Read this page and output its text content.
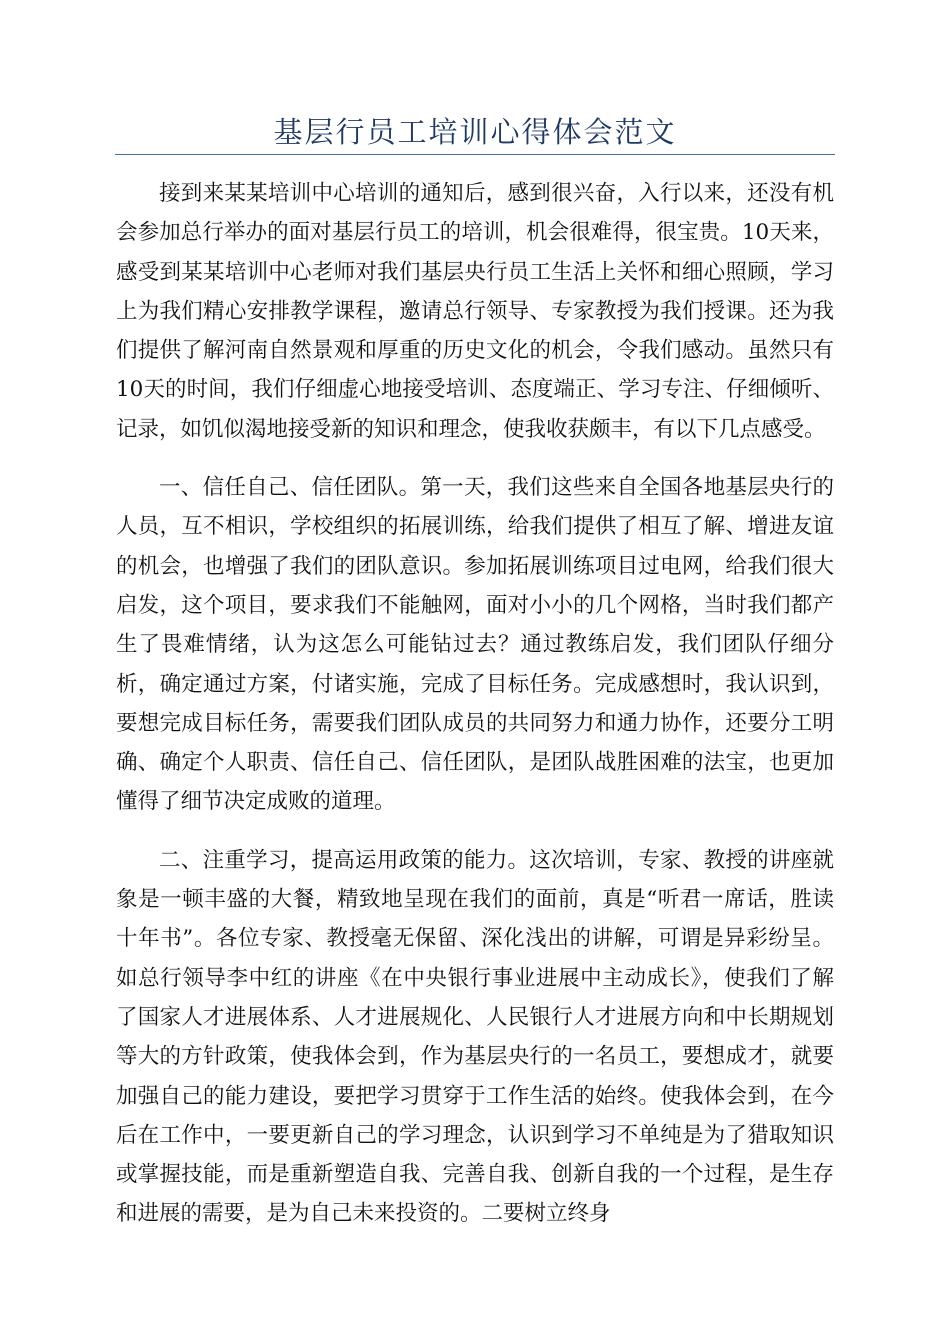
基层行员工培训心得体会范文

接到来某某培训中心培训的通知后，感到很兴奋，入行以来，还没有机会参加总行举办的面对基层行员工的培训，机会很难得，很宝贵。10天来，感受到某某培训中心老师对我们基层央行员工生活上关怀和细心照顾，学习上为我们精心安排教学课程，邀请总行领导、专家教授为我们授课。还为我们提供了解河南自然景观和厚重的历史文化的机会，令我们感动。虽然只有10天的时间，我们仔细虚心地接受培训、态度端正、学习专注、仔细倾听、记录，如饥似渴地接受新的知识和理念，使我收获颇丰，有以下几点感受。

一、信任自己、信任团队。第一天，我们这些来自全国各地基层央行的人员，互不相识，学校组织的拓展训练，给我们提供了相互了解、增进友谊的机会，也增强了我们的团队意识。参加拓展训练项目过电网，给我们很大启发，这个项目，要求我们不能触网，面对小小的几个网格，当时我们都产生了畏难情绪，认为这怎么可能钻过去？通过教练启发，我们团队仔细分析，确定通过方案，付诸实施，完成了目标任务。完成感想时，我认识到，要想完成目标任务，需要我们团队成员的共同努力和通力协作，还要分工明确、确定个人职责、信任自己、信任团队，是团队战胜困难的法宝，也更加懂得了细节决定成败的道理。

二、注重学习，提高运用政策的能力。这次培训，专家、教授的讲座就象是一顿丰盛的大餐，精致地呈现在我们的面前，真是“听君一席话，胜读十年书”。各位专家、教授毫无保留、深化浅出的讲解，可谓是异彩纷呈。如总行领导李中红的讲座《在中央银行事业进展中主动成长》，使我们了解了国家人才进展体系、人才进展规化、人民银行人才进展方向和中长期规划等大的方针政策，使我体会到，作为基层央行的一名员工，要想成才，就要加强自己的能力建设，要把学习贯穿于工作生活的始终。使我体会到，在今后在工作中，一要更新自己的学习理念，认识到学习不单纯是为了猎取知识或掌握技能，而是重新塑造自我、完善自我、创新自我的一个过程，是生存和进展的需要，是为自己未来投资的。二要树立终身
